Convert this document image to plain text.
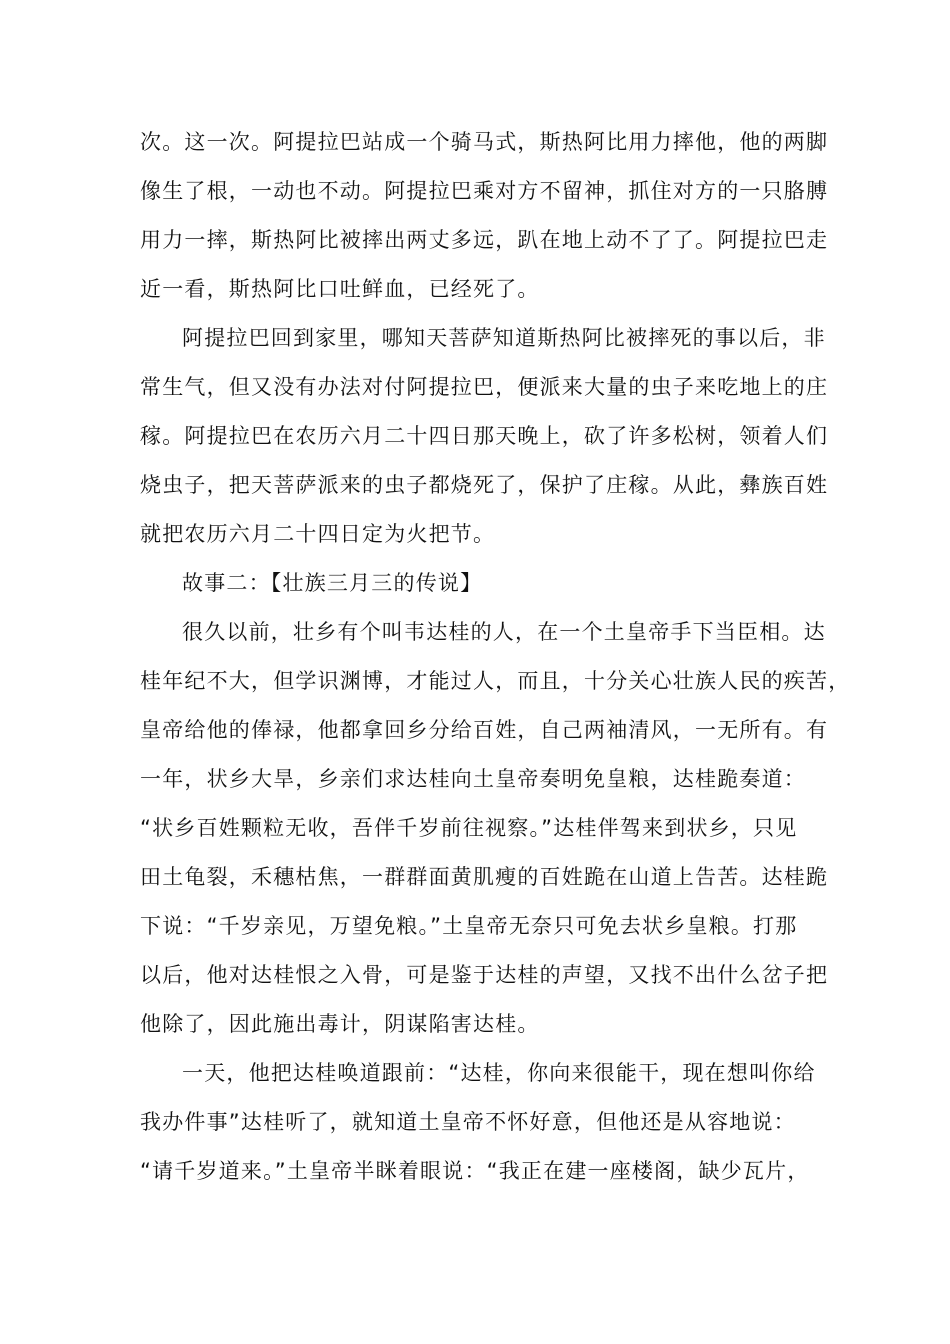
次。这一次。阿提拉巴站成一个骑马式，斯热阿比用力摔他，他的两脚
像生了根，一动也不动。阿提拉巴乘对方不留神，抓住对方的一只胳膊
用力一摔，斯热阿比被摔出两丈多远，趴在地上动不了了。阿提拉巴走
近一看，斯热阿比口吐鲜血，已经死了。
阿提拉巴回到家里，哪知天菩萨知道斯热阿比被摔死的事以后，非
常生气，但又没有办法对付阿提拉巴，便派来大量的虫子来吃地上的庄
稼。阿提拉巴在农历六月二十四日那天晚上，砍了许多松树，领着人们
烧虫子，把天菩萨派来的虫子都烧死了，保护了庄稼。从此，彝族百姓
就把农历六月二十四日定为火把节。
故事二：【壮族三月三的传说】
很久以前，壮乡有个叫韦达桂的人，在一个土皇帝手下当臣相。达
桂年纪不大，但学识渊博，才能过人，而且，十分关心壮族人民的疾苦，
皇帝给他的俸禄，他都拿回乡分给百姓，自己两袖清风，一无所有。有
一年，状乡大旱，乡亲们求达桂向土皇帝奏明免皇粮，达桂跪奏道：
“状乡百姓颗粒无收，吾伴千岁前往视察。”达桂伴驾来到状乡，只见
田土龟裂，禾穗枯焦，一群群面黄肌瘦的百姓跪在山道上告苦。达桂跪
下说：“千岁亲见，万望免粮。”土皇帝无奈只可免去状乡皇粮。打那
以后，他对达桂恨之入骨，可是鉴于达桂的声望，又找不出什么岔子把
他除了，因此施出毒计，阴谋陷害达桂。
一天，他把达桂唤道跟前：“达桂，你向来很能干，现在想叫你给
我办件事”达桂听了，就知道土皇帝不怀好意，但他还是从容地说：
“请千岁道来。”土皇帝半眯着眼说：“我正在建一座楼阁，缺少瓦片，
